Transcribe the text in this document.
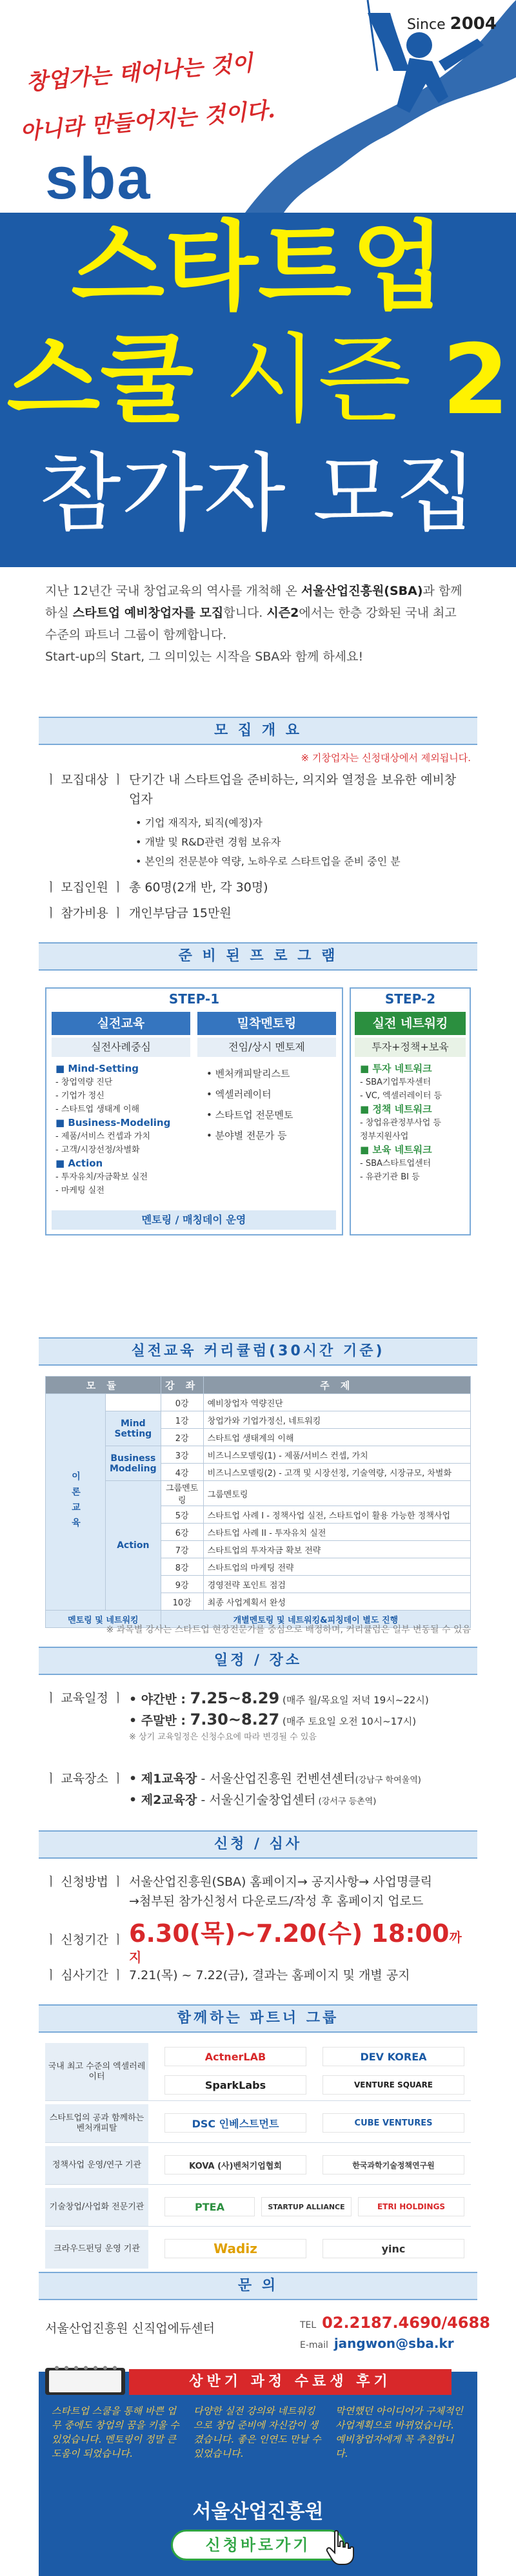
Since 2004
창업가는 태어나는 것이
아니라 만들어지는 것이다.
sba
스타트업
스쿨 시즌 2
참가자 모집

지난 12년간 국내 창업교육의 역사를 개척해 온 서울산업진흥원(SBA)과 함께하실 스타트업 예비창업자를 모집합니다. 시즌2에서는 한층 강화된 국내 최고 수준의 파트너 그룹이 함께합니다.

Start-up의 Start, 그 의미있는 시작을 SBA와 함께 하세요!

모 집 개 요
※ 기창업자는 신청대상에서 제외됩니다.
ㅣ 모집대상 ㅣ 단기간 내 스타트업을 준비하는, 의지와 열정을 보유한 예비창업자
• 기업 재직자, 퇴직(예정)자
• 개발 및 R&D관련 경험 보유자
• 본인의 전문분야 역량, 노하우로 스타트업을 준비 중인 분
ㅣ 모집인원 ㅣ 총 60명(2개 반, 각 30명)
ㅣ 참가비용 ㅣ 개인부담금 15만원
준 비 된 프 로 그 램
STEP-1	STEP-2
실전교육
실전사례중심
■ Mind-Setting
- 창업역량 진단
- 기업가 정신
- 스타트업 생태계 이해
■ Business-Modeling
- 제품/서비스 컨셉과 가치
- 고객/시장선정/차별화
■ Action
- 투자유치/자금확보 실전
- 마케팅 실전
밀착멘토링
전임/상시 멘토제
• 벤처캐피탈리스트
• 엑셀러레이터
• 스타트업 전문멘토
• 분야별 전문가 등
멘토링 / 매칭데이 운영
실전 네트워킹
투자+정책+보육
■ 투자 네트워크
- SBA기업투자센터
- VC, 엑셀러레이터 등
■ 정책 네트워크
- 창업유관정부사업 등
정부지원사업
■ 보육 네트워크
- SBA스타트업센터
- 유관기관 BI 등
실전교육 커리큘럼(30시간 기준)
모 듈		강 좌	주 제
이론교육		0강	예비창업자 역량진단
	Mind Setting	1강	창업가와 기업가정신, 네트워킹
		2강	스타트업 생태계의 이해
	Business Modeling	3강	비즈니스모델링(1) - 제품/서비스 컨셉, 가치
		4강	비즈니스모델링(2) - 고객 및 시장선정, 기술역량, 시장규모, 차별화
	Action	그룹멘토링	그룹멘토링
		5강	스타트업 사례 I - 정책사업 실전, 스타트업이 활용 가능한 정책사업
		6강	스타트업 사례 II - 투자유치 실전
		7강	스타트업의 투자자금 확보 전략
		8강	스타트업의 마케팅 전략
		9강	경영전략 포인트 점검
		10강	최종 사업계획서 완성
멘토링 및 네트워킹		개별멘토링 및 네트워킹&피칭데이 별도 진행	
※ 과목별 강사는 스타트업 현장전문가를 중심으로 배정하며, 커리큘럼은 일부 변동될 수 있음
일정 / 장소
ㅣ 교육일정 ㅣ • 야간반 : 7.25~8.29 (매주 월/목요일 저녁 19시~22시)
• 주말반 : 7.30~8.27 (매주 토요일 오전 10시~17시)
※ 상기 교육일정은 신청수요에 따라 변경될 수 있음
ㅣ 교육장소 ㅣ • 제1교육장 - 서울산업진흥원 컨벤션센터(강남구 학여울역)
• 제2교육장 - 서울신기술창업센터 (강서구 등촌역)
신청 / 심사
ㅣ 신청방법 ㅣ 서울산업진흥원(SBA) 홈페이지→ 공지사항→ 사업명클릭
→첨부된 참가신청서 다운로드/작성 후 홈페이지 업로드
ㅣ 신청기간 ㅣ 6.30(목)~7.20(수) 18:00까지
ㅣ 심사기간 ㅣ 7.21(목) ~ 7.22(금), 결과는 홈페이지 및 개별 공지
함께하는 파트너 그룹
국내 최고 수준의 엑셀러레이터
ActnerLAB	DEV KOREA
SparkLabs	VENTURE SQUARE
스타트업의 공과 함께하는 벤처캐피탈	DSC 인베스트먼트	CUBE VENTURES
정책사업 운영/연구 기관	KOVA (사)벤처기업협회	한국과학기술정책연구원
기술창업/사업화 전문기관	PTEA	STARTUP ALLIANCE	ETRI HOLDINGS
크라우드펀딩 운영 기관	Wadiz	yinc
문 의
서울산업진흥원 신직업에듀센터	TEL 02.2187.4690/4688
E-mail jangwon@sba.kr
상반기 과정 수료생 후기
스타트업 스쿨을 통해 바쁜 업무 중에도 창업의 꿈을 키울 수 있었습니다. 멘토링이 정말 큰 도움이 되었습니다.
다양한 실전 강의와 네트워킹으로 창업 준비에 자신감이 생겼습니다. 좋은 인연도 만날 수 있었습니다.
막연했던 아이디어가 구체적인 사업계획으로 바뀌었습니다. 예비창업자에게 꼭 추천합니다.
서울산업진흥원
신청바로가기
